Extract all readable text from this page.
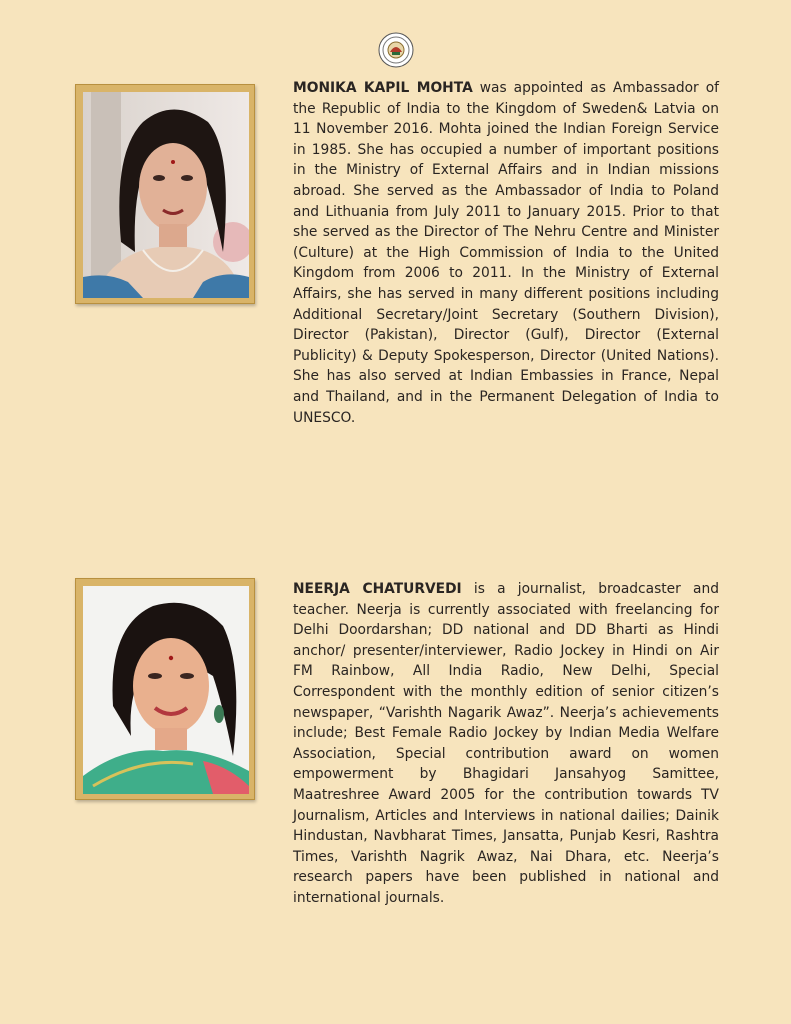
MONIKA KAPIL MOHTA was appointed as Ambassador of the Republic of India to the Kingdom of Sweden& Latvia on 11 November 2016. Mohta joined the Indian Foreign Service in 1985. She has occupied a number of important positions in the Ministry of External Affairs and in Indian missions abroad. She served as the Ambassador of India to Poland and Lithuania from July 2011 to January 2015. Prior to that she served as the Director of The Nehru Centre and Minister (Culture) at the High Commission of India to the United Kingdom from 2006 to 2011. In the Ministry of External Affairs, she has served in many different positions including Additional Secretary/Joint Secretary (Southern Division), Director (Pakistan), Director (Gulf), Director (External Publicity) & Deputy Spokesperson, Director (United Nations). She has also served at Indian Embassies in France, Nepal and Thailand, and in the Permanent Delegation of India to UNESCO.

NEERJA CHATURVEDI is a journalist, broadcaster and teacher. Neerja is currently associated with freelancing for Delhi Doordarshan; DD national and DD Bharti as Hindi anchor/ presenter/interviewer, Radio Jockey in Hindi on Air FM Rainbow, All India Radio, New Delhi, Special Correspondent with the monthly edition of senior citizen’s newspaper, “Varishth Nagarik Awaz”. Neerja’s achievements include; Best Female Radio Jockey by Indian Media Welfare Association, Special contribution award on women empowerment by Bhagidari Jansahyog Samittee, Maatreshree Award 2005 for the contribution towards TV Journalism, Articles and Interviews in national dailies; Dainik Hindustan, Navbharat Times, Jansatta, Punjab Kesri, Rashtra Times, Varishth Nagrik Awaz, Nai Dhara, etc. Neerja’s research papers have been published in national and international journals.
